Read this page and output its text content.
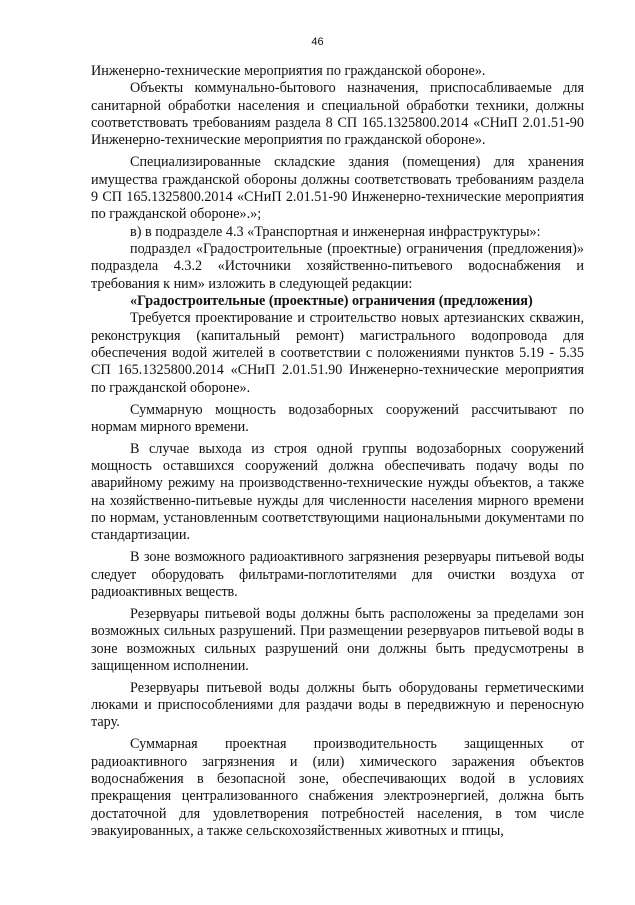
46

Инженерно-технические мероприятия по гражданской обороне».

Объекты коммунально-бытового назначения, приспосабливаемые для санитарной обработки населения и специальной обработки техники, должны соответствовать требованиям раздела 8 СП 165.1325800.2014 «СНиП 2.01.51-90 Инженерно-технические мероприятия по гражданской обороне».

Специализированные складские здания (помещения) для хранения имущества гражданской обороны должны соответствовать требованиям раздела 9 СП 165.1325800.2014 «СНиП 2.01.51-90 Инженерно-технические мероприятия по гражданской обороне».»;

в) в подразделе 4.3 «Транспортная и инженерная инфраструктуры»:

подраздел «Градостроительные (проектные) ограничения (предложения)» подраздела 4.3.2 «Источники хозяйственно-питьевого водоснабжения и требования к ним» изложить в следующей редакции:

«Градостроительные (проектные) ограничения (предложения)

Требуется проектирование и строительство новых артезианских скважин, реконструкция (капитальный ремонт) магистрального водопровода для обеспечения водой жителей в соответствии с положениями пунктов 5.19 - 5.35 СП 165.1325800.2014 «СНиП 2.01.51.90 Инженерно-технические мероприятия по гражданской обороне».

Суммарную мощность водозаборных сооружений рассчитывают по нормам мирного времени.

В случае выхода из строя одной группы водозаборных сооружений мощность оставшихся сооружений должна обеспечивать подачу воды по аварийному режиму на производственно-технические нужды объектов, а также на хозяйственно-питьевые нужды для численности населения мирного времени по нормам, установленным соответствующими национальными документами по стандартизации.

В зоне возможного радиоактивного загрязнения резервуары питьевой воды следует оборудовать фильтрами-поглотителями для очистки воздуха от радиоактивных веществ.

Резервуары питьевой воды должны быть расположены за пределами зон возможных сильных разрушений. При размещении резервуаров питьевой воды в зоне возможных сильных разрушений они должны быть предусмотрены в защищенном исполнении.

Резервуары питьевой воды должны быть оборудованы герметическими люками и приспособлениями для раздачи воды в передвижную и переносную тару.

Суммарная проектная производительность защищенных от радиоактивного загрязнения и (или) химического заражения объектов водоснабжения в безопасной зоне, обеспечивающих водой в условиях прекращения централизованного снабжения электроэнергией, должна быть достаточной для удовлетворения потребностей населения, в том числе эвакуированных, а также сельскохозяйственных животных и птицы,
